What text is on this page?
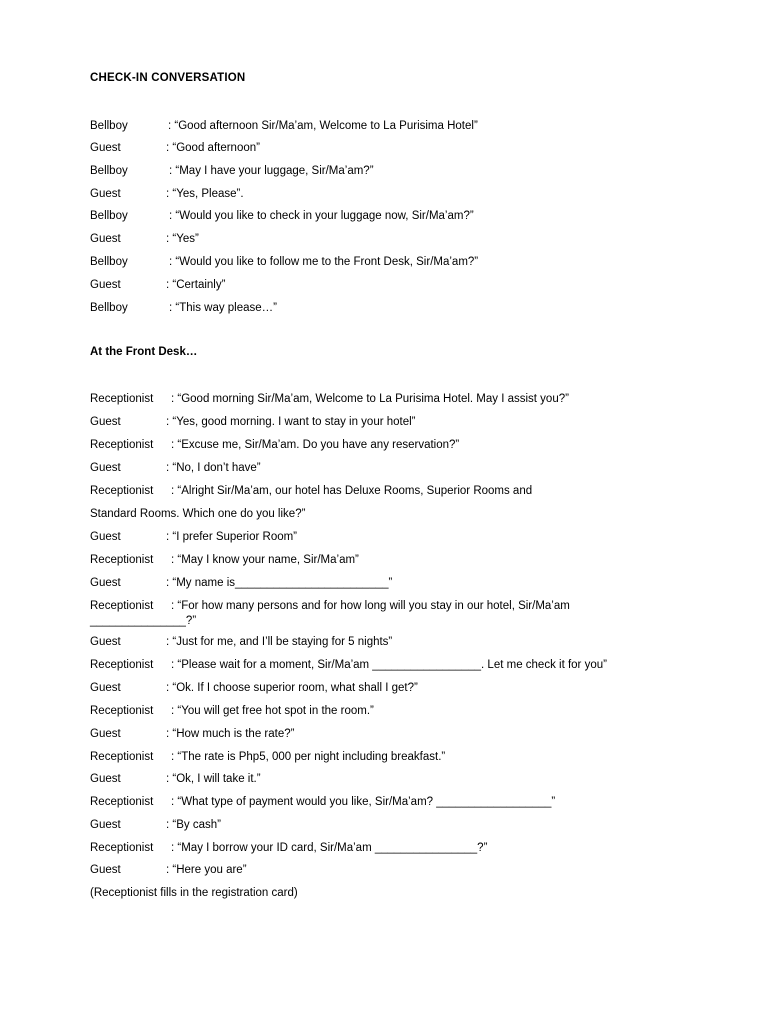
CHECK-IN CONVERSATION
Bellboy	: “Good afternoon Sir/Ma’am, Welcome to La Purisima Hotel”
Guest	: “Good afternoon”
Bellboy	: “May I have your luggage, Sir/Ma’am?”
Guest	: “Yes, Please”.
Bellboy	: “Would you like to check in your luggage now, Sir/Ma’am?”
Guest	: “Yes”
Bellboy	: “Would you like to follow me to the Front Desk, Sir/Ma’am?”
Guest	: “Certainly”
Bellboy	: “This way please…”
At the Front Desk…
Receptionist : “Good morning Sir/Ma’am, Welcome to La Purisima Hotel. May I assist you?”
Guest	: “Yes, good morning. I want to stay in your hotel”
Receptionist : “Excuse me, Sir/Ma’am. Do you have any reservation?”
Guest	: “No, I don’t have”
Receptionist : “Alright Sir/Ma’am, our hotel has Deluxe Rooms, Superior Rooms and
Standard Rooms. Which one do you like?”
Guest	: “I prefer Superior Room”
Receptionist : “May I know your name, Sir/Ma’am”
Guest	: “My name is________________________”
Receptionist : “For how many persons and for how long will you stay in our hotel, Sir/Ma’am
_______________?”
Guest	: “Just for me, and I’ll be staying for 5 nights”
Receptionist : “Please wait for a moment, Sir/Ma’am _________________. Let me check it for you”
Guest	: “Ok. If I choose superior room, what shall I get?”
Receptionist : “You will get free hot spot in the room.”
Guest	: “How much is the rate?”
Receptionist : “The rate is Php5, 000 per night including breakfast.”
Guest	: “Ok, I will take it.”
Receptionist : “What type of payment would you like, Sir/Ma’am? __________________”
Guest	: “By cash”
Receptionist : “May I borrow your ID card, Sir/Ma’am ________________?”
Guest	: “Here you are”
(Receptionist fills in the registration card)
